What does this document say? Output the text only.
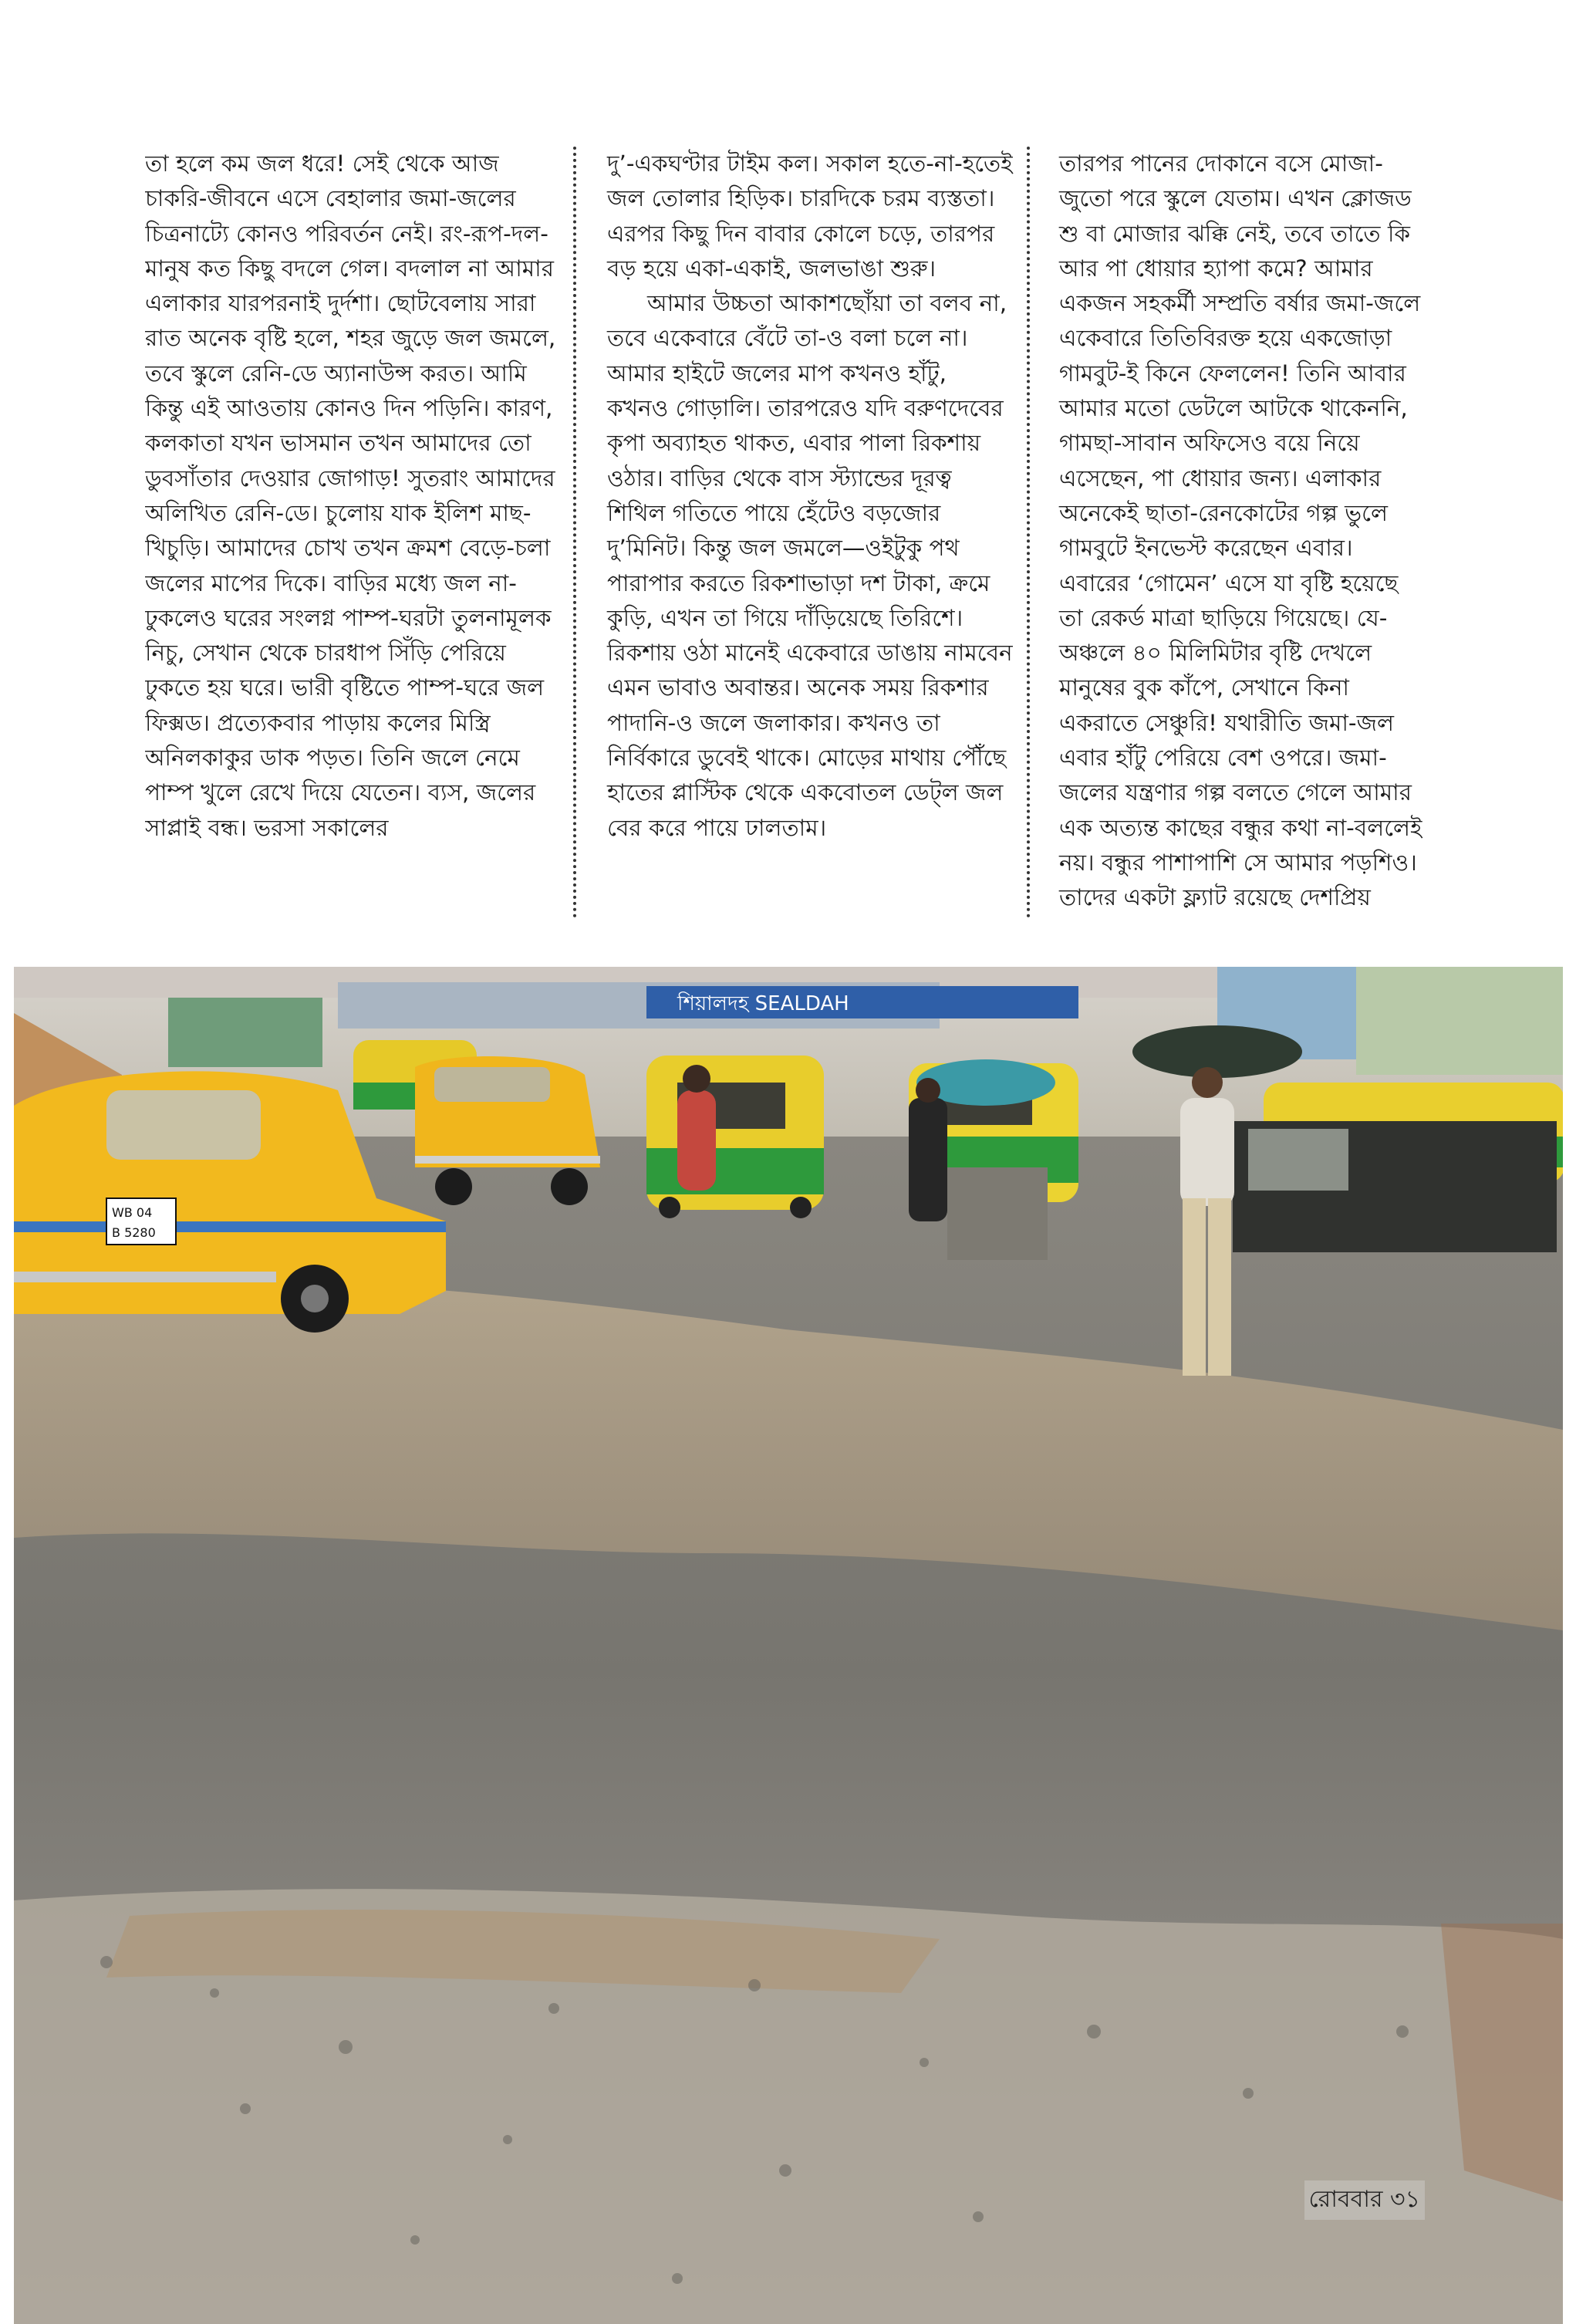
তা হলে কম জল ধরে! সেই থেকে আজ চাকরি-জীবনে এসে বেহালার জমা-জলের চিত্রনাট্যে কোনও পরিবর্তন নেই। রং-রূপ-দল-মানুষ কত কিছু বদলে গেল। বদলাল না আমার এলাকার যারপরনাই দুর্দশা। ছোটবেলায় সারা রাত অনেক বৃষ্টি হলে, শহর জুড়ে জল জমলে, তবে স্কুলে রেনি-ডে অ্যানাউন্স করত। আমি কিন্তু এই আওতায় কোনও দিন পড়িনি। কারণ, কলকাতা যখন ভাসমান তখন আমাদের তো ডুবসাঁতার দেওয়ার জোগাড়! সুতরাং আমাদের অলিখিত রেনি-ডে। চুলোয় যাক ইলিশ মাছ-খিচুড়ি। আমাদের চোখ তখন ক্রমশ বেড়ে-চলা জলের মাপের দিকে। বাড়ির মধ্যে জল না-ঢুকলেও ঘরের সংলগ্ন পাম্প-ঘরটা তুলনামূলক নিচু, সেখান থেকে চারধাপ সিঁড়ি পেরিয়ে ঢুকতে হয় ঘরে। ভারী বৃষ্টিতে পাম্প-ঘরে জল ফিক্সড। প্রত্যেকবার পাড়ায় কলের মিস্ত্রি অনিলকাকুর ডাক পড়ত। তিনি জলে নেমে পাম্প খুলে রেখে দিয়ে যেতেন। ব্যস, জলের সাপ্লাই বন্ধ। ভরসা সকালের

দু’-একঘণ্টার টাইম কল। সকাল হতে-না-হতেই জল তোলার হিড়িক। চারদিকে চরম ব্যস্ততা। এরপর কিছু দিন বাবার কোলে চড়ে, তারপর বড় হয়ে একা-একাই, জলভাঙা শুরু।

আমার উচ্চতা আকাশছোঁয়া তা বলব না, তবে একেবারে বেঁটে তা-ও বলা চলে না। আমার হাইটে জলের মাপ কখনও হাঁটু, কখনও গোড়ালি। তারপরেও যদি বরুণদেবের কৃপা অব্যাহত থাকত, এবার পালা রিকশায় ওঠার। বাড়ির থেকে বাস স্ট্যান্ডের দূরত্ব শিথিল গতিতে পায়ে হেঁটেও বড়জোর দু’মিনিট। কিন্তু জল জমলে—ওইটুকু পথ পারাপার করতে রিকশাভাড়া দশ টাকা, ক্রমে কুড়ি, এখন তা গিয়ে দাঁড়িয়েছে তিরিশে। রিকশায় ওঠা মানেই একেবারে ডাঙায় নামবেন এমন ভাবাও অবান্তর। অনেক সময় রিকশার পাদানি-ও জলে জলাকার। কখনও তা নির্বিকারে ডুবেই থাকে। মোড়ের মাথায় পৌঁছে হাতের প্লাস্টিক থেকে একবোতল ডেট্ল জল বের করে পায়ে ঢালতাম।

তারপর পানের দোকানে বসে মোজা-জুতো পরে স্কুলে যেতাম। এখন ক্লোজড শু বা মোজার ঝক্কি নেই, তবে তাতে কি আর পা ধোয়ার হ্যাপা কমে? আমার একজন সহকর্মী সম্প্রতি বর্ষার জমা-জলে একেবারে তিতিবিরক্ত হয়ে একজোড়া গামবুট-ই কিনে ফেললেন! তিনি আবার আমার মতো ডেটলে আটকে থাকেননি, গামছা-সাবান অফিসেও বয়ে নিয়ে এসেছেন, পা ধোয়ার জন্য। এলাকার অনেকেই ছাতা-রেনকোটের গল্প ভুলে গামবুটে ইনভেস্ট করেছেন এবার। এবারের ‘গোমেন’ এসে যা বৃষ্টি হয়েছে তা রেকর্ড মাত্রা ছাড়িয়ে গিয়েছে। যে-অঞ্চলে ৪০ মিলিমিটার বৃষ্টি দেখলে মানুষের বুক কাঁপে, সেখানে কিনা একরাতে সেঞ্চুরি! যথারীতি জমা-জল এবার হাঁটু পেরিয়ে বেশ ওপরে। জমা-জলের যন্ত্রণার গল্প বলতে গেলে আমার এক অত্যন্ত কাছের বন্ধুর কথা না-বললেই নয়। বন্ধুর পাশাপাশি সে আমার পড়শিও। তাদের একটা ফ্ল্যাট রয়েছে দেশপ্রিয়

শিয়ালদহ SEALDAH
WB 04
B 5280
রোববার ৩১
